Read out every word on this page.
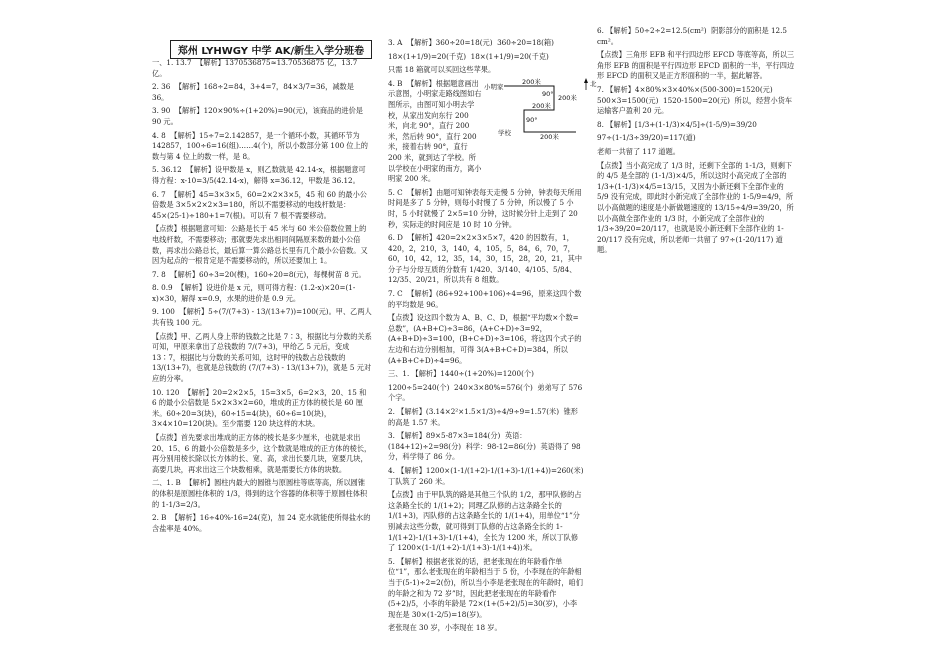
郑州 LYHWGY 中学 AK/新生入学分班卷
一、1. 13.7  【解析】1370536875≈13.70536875 亿，13.7 亿。
2. 36  【解析】168÷2=84，3+4=7，84×3/7=36，减数是 36。
3. 90  【解析】120×90%÷(1+20%)=90(元)，该商品的进价是 90 元。
4. 8  【解析】15÷7=2.142857，是一个循环小数，其循环节为 142857，100÷6=16(组)……4(个)，所以小数部分第 100 位上的数与第 4 位上的数一样，是 8。
5. 36.12  【解析】设甲数是 x，则乙数就是 42.14-x，根据题意可得方程：x-10=3/5(42.14-x)，解得 x=36.12，甲数是 36.12。
6. 7  【解析】45=3×3×5，60=2×2×3×5，45 和 60 的最小公倍数是 3×5×2×2×3=180，所以不需要移动的电线杆数是：45×(25-1)÷180+1=7(根)。可以有 7 根不需要移动。
【点拨】根据题意可知：公路是长于 45 米与 60 米公倍数位置上的电线杆数，不需要移动；那就要先求出相同间隔原来数的最小公倍数，再求出公路总长，最后算一算公路总长里有几个最小公倍数。又因为起点的一根肯定是不需要移动的，所以还要加上 1。
7. 8  【解析】60÷3=20(棵)，160÷20=8(元)，每棵树苗 8 元。
8. 0.9  【解析】设进价是 x 元，则可得方程：(1.2-x)×20=(1-x)×30，解得 x=0.9，水果的进价是 0.9 元。
9. 100  【解析】5÷(7/(7+3) - 13/(13+7))=100(元)。甲、乙两人共有钱 100 元。
【点拨】甲、乙两人身上带的钱数之比是 7∶3，根据比与分数的关系可知，甲原来拿出了总钱数的 7/(7+3)，甲给乙 5 元后，变成 13∶7，根据比与分数的关系可知，这时甲的钱数占总钱数的 13/(13+7)，也就是总钱数的 (7/(7+3) - 13/(13+7))，就是 5 元对应的分率。
10. 120  【解析】20=2×2×5，15=3×5，6=2×3，20、15 和 6 的最小公倍数是 5×2×3×2=60，堆成的正方体的棱长是 60 厘米。60÷20=3(块)，60÷15=4(块)，60÷6=10(块)，3×4×10=120(块)。至少需要 120 块这样的木块。
【点拨】首先要求出堆成的正方体的棱长是多少厘米，也就是求出 20、15、6 的最小公倍数是多少，这个数就是堆成的正方体的棱长，再分别用棱长除以长方体的长、宽、高，求出长要几块，宽要几块，高要几块，再求出这三个块数相乘，就是需要长方体的块数。
二、1. B  【解析】圆柱内最大的圆锥与原圆柱等底等高，所以圆锥的体积是原圆柱体积的 1/3，得到的这个容器的体积等于原圆柱体积的 1-1/3=2/3。
2. B  【解析】16÷40%-16=24(克)，加 24 克水就能使所得盐水的含盐率是 40%。
3. A  【解析】360÷20=18(元)  360÷20=18(箱)
18×(1+1/9)=20(千克)  18×(1+1/9)=20(千克)
只需 18 箱就可以买回这些苹果。
4. B  【解析】根据题意画出示意图，小明家走路线图如右图所示，由图可知小明去学校，从家出发向东行 200 米，向北 90°，直行 200 米，然后转 90°，直行 200 米，接着右转 90°，直行 200 米，就到达了学校。所以学校在小明家的南方，离小明家 200 米。
5. C  【解析】由题可知钟表每天走慢 5 分钟，钟表每天所用时间是多了 5 分钟，则每小时慢了 5 分钟，所以慢了 5 小时，5 小时就慢了 2×5=10 分钟，这时候分针上走到了 20 秒，实际走的时间应是 10 时 10 分钟。
6. D  【解析】420=2×2×3×5×7，420 的因数有，1，420，2，210，3，140，4，105，5，84，6，70，7，60，10，42，12，35，14，30，15，28，20，21，其中分子与分母互质的分数有 1/420、3/140、4/105、5/84、12/35、20/21，所以共有 8 组数。
7. C  【解析】(86+92+100+106)÷4=96，原来这四个数的平均数是 96。
【点拨】设这四个数为 A、B、C、D，根据“平均数×个数=总数”，(A+B+C)÷3=86，(A+C+D)÷3=92，(A+B+D)÷3=100，(B+C+D)÷3=106，将这四个式子的左边和右边分别相加，可得 3(A+B+C+D)=384，所以 (A+B+C+D)÷4=96。
三、1. 【解析】1440÷(1+20%)=1200(个)
1200÷5=240(个)  240×3×80%=576(个)  弟弟写了 576 个字。
2. 【解析】(3.14×2²×1.5×1/3)÷4/9÷9=1.57(米)  锥形的高是 1.57 米。
3. 【解析】89×5-87×3=184(分)  英语：(184+12)÷2=98(分)  科学：98-12=86(分)  英语得了 98 分，科学得了 86 分。
4. 【解析】1200×(1-1/(1+2)-1/(1+3)-1/(1+4))=260(米)  丁队筑了 260 米。
【点拨】由于甲队筑的路是其他三个队的 1/2，那甲队修的占这条路全长的 1/(1+2)；同理乙队修的占这条路全长的 1/(1+3)，丙队修的占这条路全长的 1/(1+4)，用单位“1”分别减去这些分数，就可得到丁队修的占这条路全长的 1-1/(1+2)-1/(1+3)-1/(1+4)，全长为 1200 米，所以丁队修了 1200×(1-1/(1+2)-1/(1+3)-1/(1+4))米。
5. 【解析】根据老张说的话，把老张现在的年龄看作单位“1”，那么老张现在的年龄相当于 5 份，小李现在的年龄相当于(5-1)÷2=2(份)，所以当小李是老张现在的年龄时，咱们的年龄之和为 72 岁”时，因此把老张现在的年龄看作 (5+2)/5，小李的年龄是 72×(1+(5+2)/5)=30(岁)，小李现在是 30×(1-2/5)=18(岁)。
老张现在 30 岁，小李现在 18 岁。
小明家	北
200米
200米
200米
200米
90°
90°
学校
6. 【解析】50÷2÷2=12.5(cm²)  阴影部分的面积是 12.5 cm²。
【点拨】三角形 EFB 和平行四边形 EFCD 等底等高，所以三角形 EFB 的面积是平行四边形 EFCD 面积的一半，平行四边形 EFCD 的面积又是正方形面积的一半，据此解答。
7. 【解析】4×80%×3×40%×(500-300)=1520(元)  500×3=1500(元)  1520-1500=20(元)  所以，经营小货车运输客户盈利 20 元。
8. 【解析】[1/3+(1-1/3)×4/5]÷(1-5/9)=39/20
97÷(1-1/3÷39/20)=117(道)
老师一共留了 117 道题。
【点拨】当小高完成了 1/3 时，还剩下全部的 1-1/3，则剩下的 4/5 是全部的 (1-1/3)×4/5，所以这时小高完成了全部的 1/3+(1-1/3)×4/5=13/15，又因为小新还剩下全部作业的 5/9 没有完成，即此时小新完成了全部作业的 1-5/9=4/9，所以小高做题的速度是小新做题速度的 13/15÷4/9=39/20，所以小高做全部作业的 1/3 时，小新完成了全部作业的 1/3÷39/20=20/117，也就是说小新还剩下全部作业的 1-20/117 没有完成，所以老师一共留了 97÷(1-20/117) 道题。
